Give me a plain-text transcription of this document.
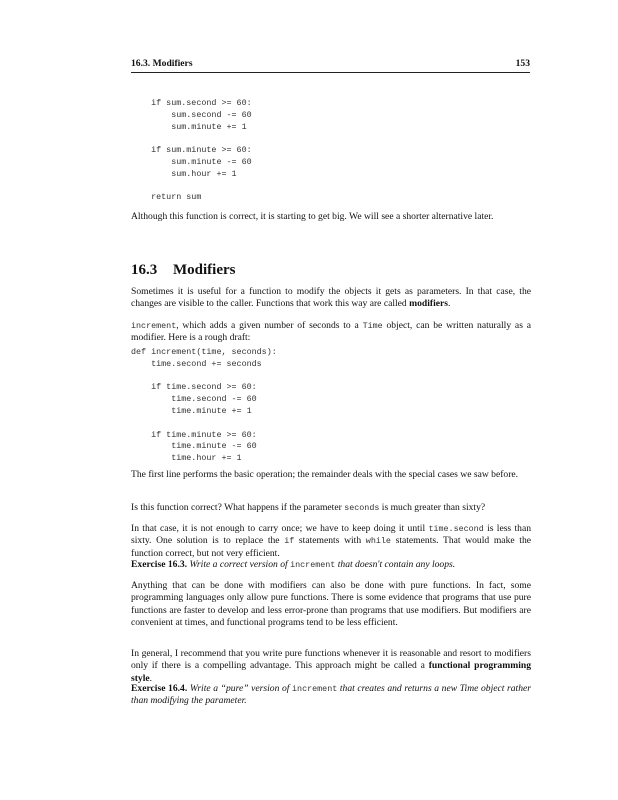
16.3. Modifiers	153
if sum.second >= 60:
sum.second -= 60
sum.minute += 1
if sum.minute >= 60:
sum.minute -= 60
sum.hour += 1
return sum

Although this function is correct, it is starting to get big. We will see a shorter alternative later.

16.3 Modifiers

Sometimes it is useful for a function to modify the objects it gets as parameters. In that case, the changes are visible to the caller. Functions that work this way are called modifiers.

increment, which adds a given number of seconds to a Time object, can be written naturally as a modifier. Here is a rough draft:

def increment(time, seconds):
time.second += seconds
if time.second >= 60:
time.second -= 60
time.minute += 1
if time.minute >= 60:
time.minute -= 60
time.hour += 1

The first line performs the basic operation; the remainder deals with the special cases we saw before.

Is this function correct? What happens if the parameter seconds is much greater than sixty?

In that case, it is not enough to carry once; we have to keep doing it until time.second is less than sixty. One solution is to replace the if statements with while statements. That would make the function correct, but not very efficient.

Exercise 16.3. Write a correct version of increment that doesn't contain any loops.

Anything that can be done with modifiers can also be done with pure functions. In fact, some programming languages only allow pure functions. There is some evidence that programs that use pure functions are faster to develop and less error-prone than programs that use modifiers. But modifiers are convenient at times, and functional programs tend to be less efficient.

In general, I recommend that you write pure functions whenever it is reasonable and resort to modifiers only if there is a compelling advantage. This approach might be called a functional programming style.

Exercise 16.4. Write a “pure” version of increment that creates and returns a new Time object rather than modifying the parameter.
